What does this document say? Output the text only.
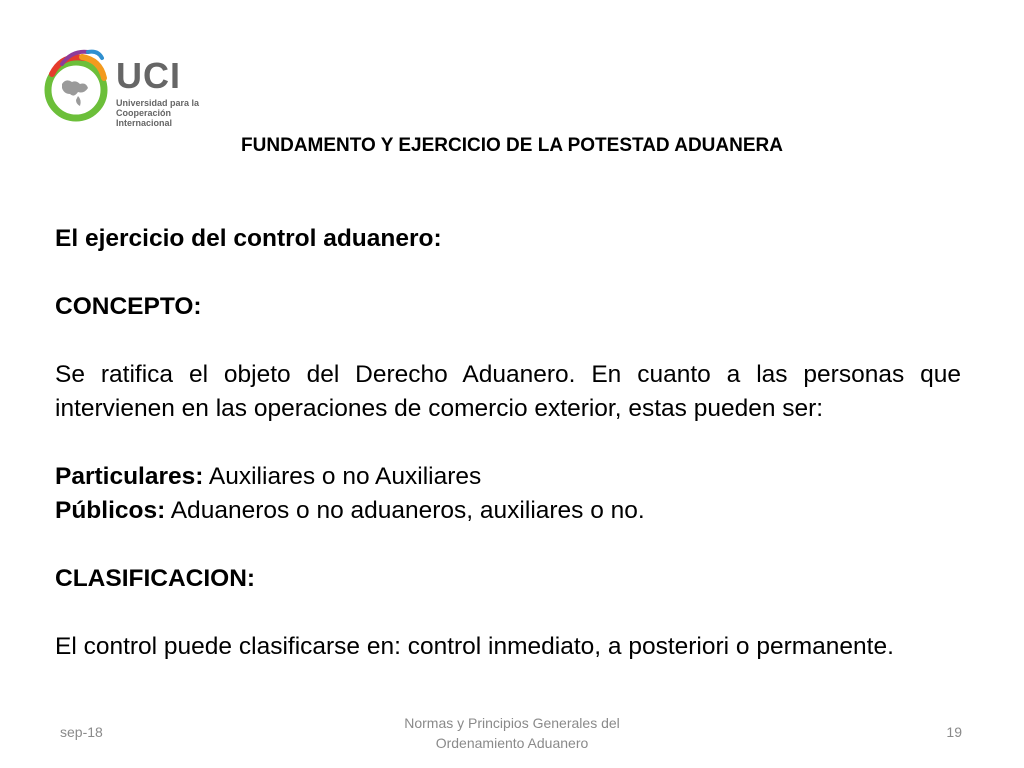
UCI
Universidad para la
Cooperación Internacional
FUNDAMENTO Y EJERCICIO DE LA POTESTAD ADUANERA

El ejercicio del control aduanero:

CONCEPTO:

Se ratifica el objeto del Derecho Aduanero. En cuanto a las personas que intervienen en las operaciones de comercio exterior, estas pueden ser:

Particulares: Auxiliares o no Auxiliares

Públicos: Aduaneros o no aduaneros, auxiliares o no.

CLASIFICACION:

El control puede clasificarse en: control inmediato, a posteriori o permanente.

sep-18
Normas y Principios Generales del
Ordenamiento Aduanero
19
